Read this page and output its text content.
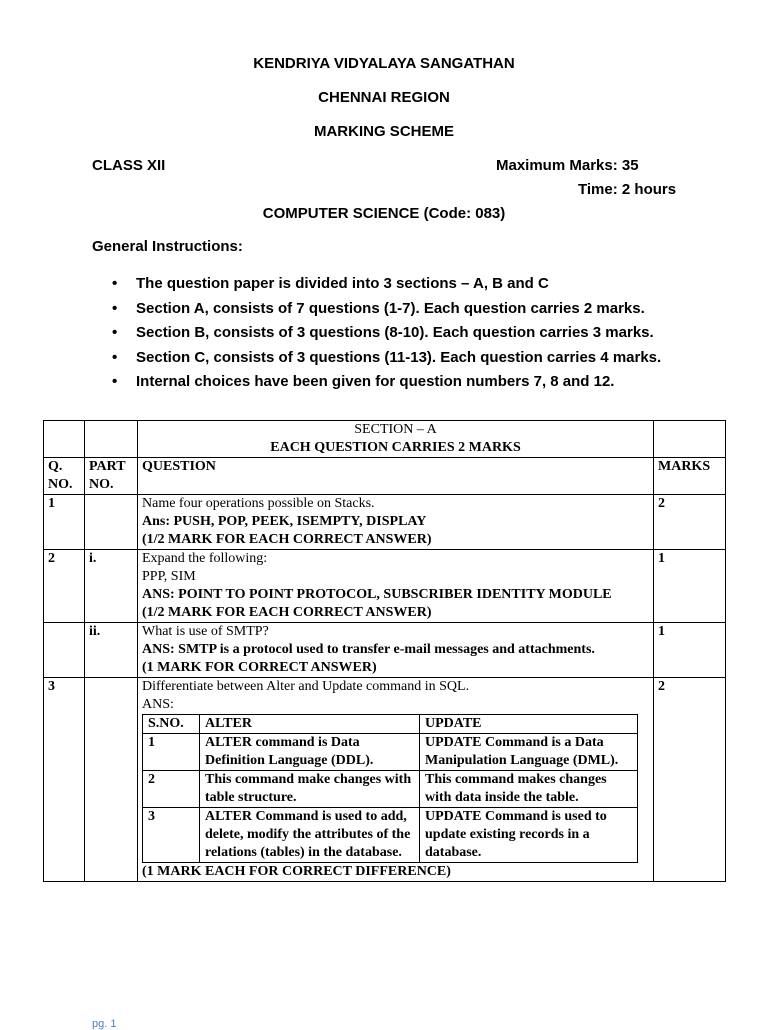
KENDRIYA VIDYALAYA SANGATHAN
CHENNAI REGION
MARKING SCHEME
CLASS XII	Maximum Marks: 35
Time: 2 hours
COMPUTER SCIENCE (Code: 083)
General Instructions:
• The question paper is divided into 3 sections – A, B and C
• Section A, consists of 7 questions (1-7). Each question carries 2 marks.
• Section B, consists of 3 questions (8-10). Each question carries 3 marks.
• Section C, consists of 3 questions (11-13). Each question carries 4 marks.
• Internal choices have been given for question numbers 7, 8 and 12.

SECTION – A
EACH QUESTION CARRIES 2 MARKS

Q. NO.	PART NO.	QUESTION	MARKS
1		Name four operations possible on Stacks.
Ans: PUSH, POP, PEEK, ISEMPTY, DISPLAY
(1/2 MARK FOR EACH CORRECT ANSWER)
	2
2	i.	Expand the following:
PPP, SIM
ANS: POINT TO POINT PROTOCOL, SUBSCRIBER IDENTITY MODULE
(1/2 MARK FOR EACH CORRECT ANSWER)
	1
	ii.	What is use of SMTP?
ANS: SMTP is a protocol used to transfer e-mail messages and attachments.
(1 MARK FOR CORRECT ANSWER)
	1
3		Differentiate between Alter and Update command in SQL.
ANS:
S.NO.	ALTER	UPDATE
1	ALTER command is Data Definition Language (DDL).	UPDATE Command is a Data Manipulation Language (DML).
2	This command make changes with table structure.	This command makes changes with data inside the table.
3	ALTER Command is used to add, delete, modify the attributes of the relations (tables) in the database.	UPDATE Command is used to update existing records in a database.
(1 MARK EACH FOR CORRECT DIFFERENCE)
	2
pg. 1
